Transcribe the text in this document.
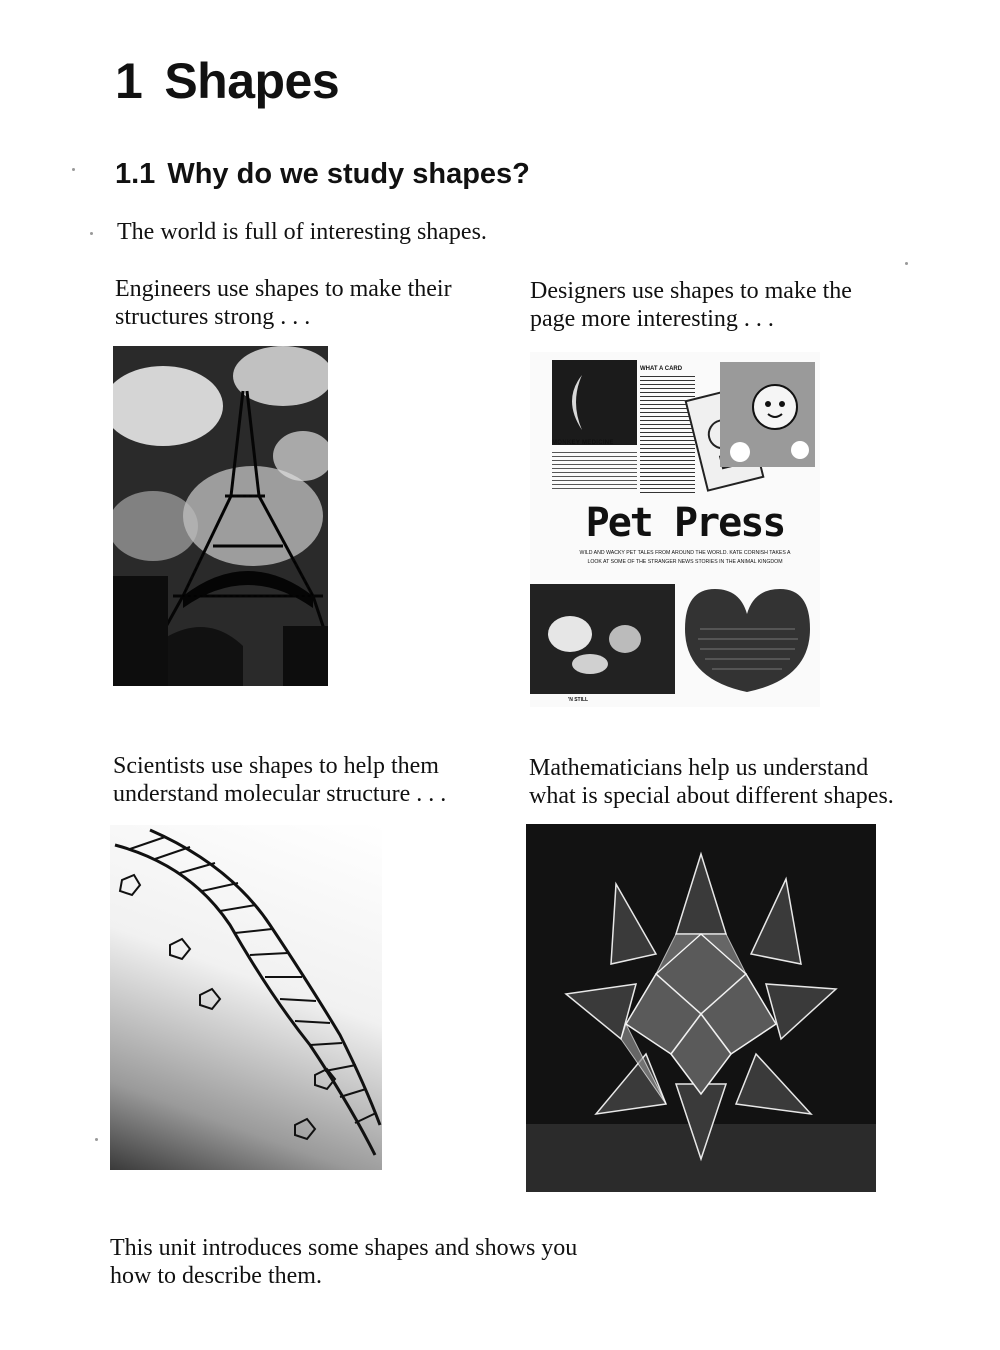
1 Shapes
1.1 Why do we study shapes?

The world is full of interesting shapes.

Engineers use shapes to make their

structures strong . . .

Designers use shapes to make the

page more interesting . . .

MONKEY MEDICINE
WHAT A CARD
Pet Press
WILD AND WACKY PET TALES FROM AROUND THE WORLD. KATE CORNISH TAKES A
LOOK AT SOME OF THE STRANGER NEWS STORIES IN THE ANIMAL KINGDOM
'N STILL

Scientists use shapes to help them

understand molecular structure . . .

Mathematicians help us understand

what is special about different shapes.

This unit introduces some shapes and shows you

how to describe them.
